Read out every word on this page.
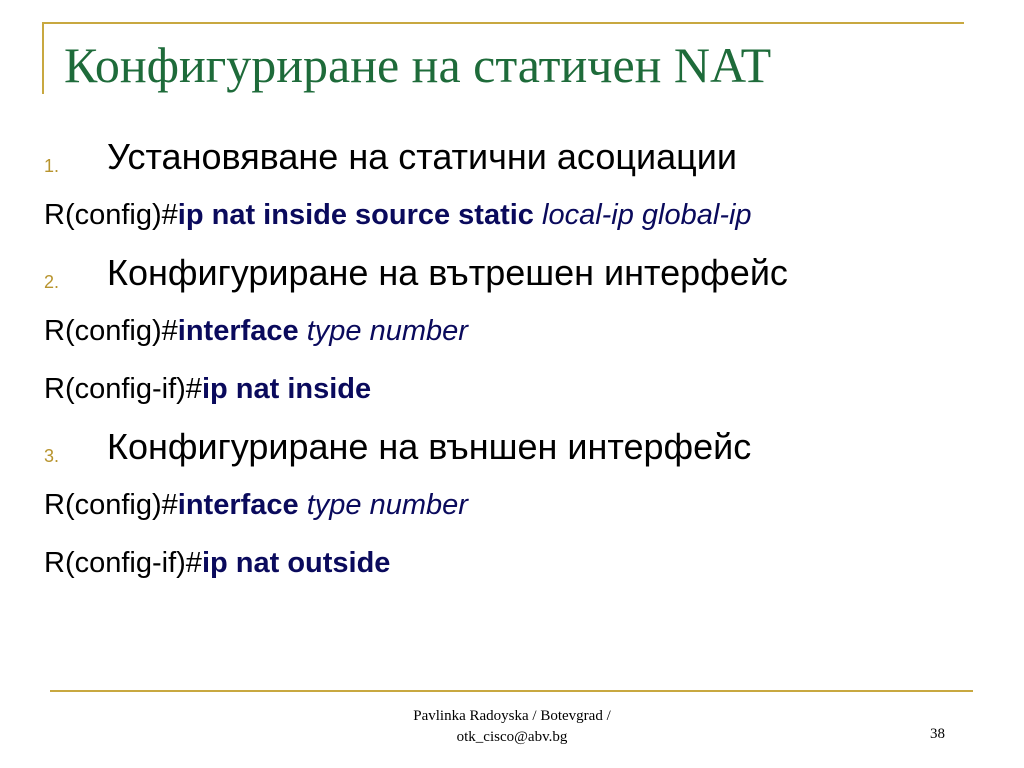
Конфигуриране на статичен NAT
1. Установяване на статични асоциации
R(config)#ip nat inside source static local-ip global-ip
2. Конфигуриране на вътрешен интерфейс
R(config)#interface type number
R(config-if)#ip nat inside
3. Конфигуриране на външен интерфейс
R(config)#interface type number
R(config-if)#ip nat outside
Pavlinka Radoyska / Botevgrad /
otk_cisco@abv.bg	38
